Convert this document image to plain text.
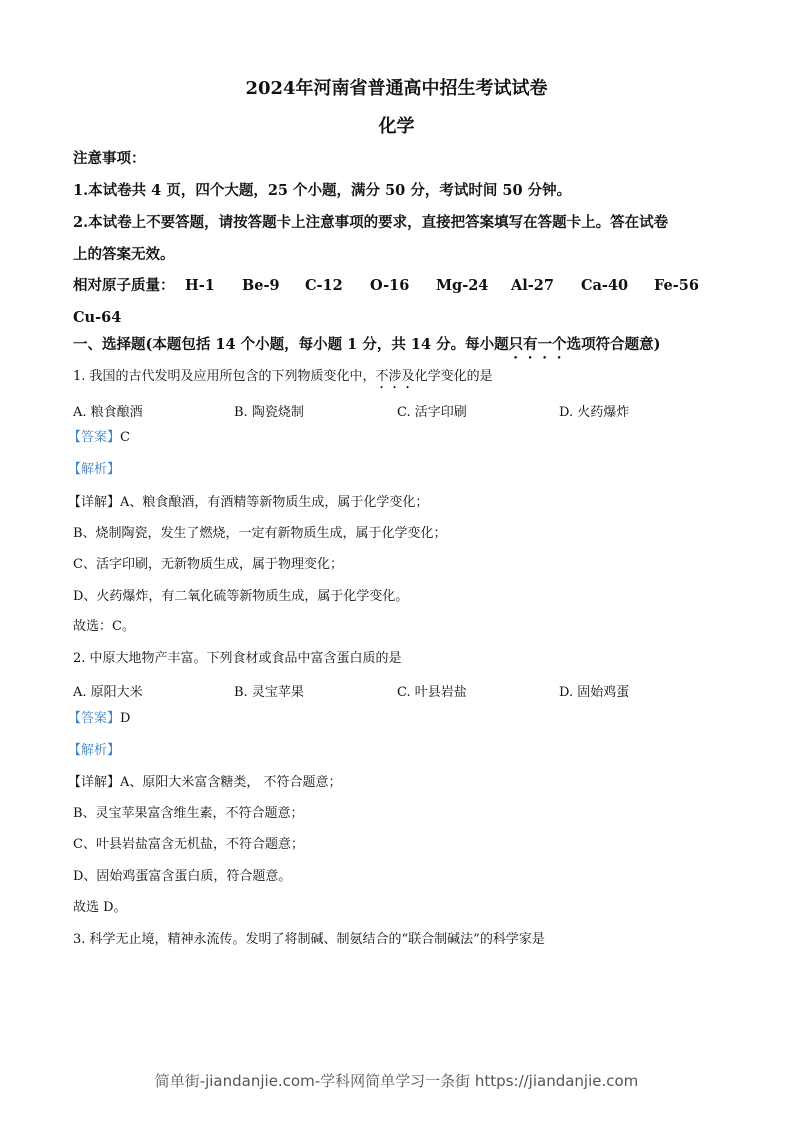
2024年河南省普通高中招生考试试卷
化学
注意事项：
1.本试卷共 4 页，四个大题，25 个小题，满分 50 分，考试时间 50 分钟。
2.本试卷上不要答题，请按答题卡上注意事项的要求，直接把答案填写在答题卡上。答在试卷
上的答案无效。
相对原子质量： H-1 Be-9 C-12 O-16 Mg-24 Al-27 Ca-40 Fe-56
Cu-64
一、选择题(本题包括 14 个小题，每小题 1 分，共 14 分。每小题只有一个选项符合题意)
1. 我国的古代发明及应用所包含的下列物质变化中，不涉及化学变化的是
A. 粮食酿酒	B. 陶瓷烧制	C. 活字印刷	D. 火药爆炸
【答案】C
【解析】
【详解】A、粮食酿酒，有酒精等新物质生成，属于化学变化；
B、烧制陶瓷，发生了燃烧，一定有新物质生成，属于化学变化；
C、活字印刷，无新物质生成，属于物理变化；
D、火药爆炸，有二氧化硫等新物质生成，属于化学变化。
故选：C。
2. 中原大地物产丰富。下列食材或食品中富含蛋白质的是
A. 原阳大米	B. 灵宝苹果	C. 叶县岩盐	D. 固始鸡蛋
【答案】D
【解析】
【详解】A、原阳大米富含糖类， 不符合题意；
B、灵宝苹果富含维生素，不符合题意；
C、叶县岩盐富含无机盐，不符合题意；
D、固始鸡蛋富含蛋白质，符合题意。
故选 D。
3. 科学无止境，精神永流传。发明了将制碱、制氨结合的“联合制碱法”的科学家是
简单街-jiandanjie.com-学科网简单学习一条街 https://jiandanjie.com
